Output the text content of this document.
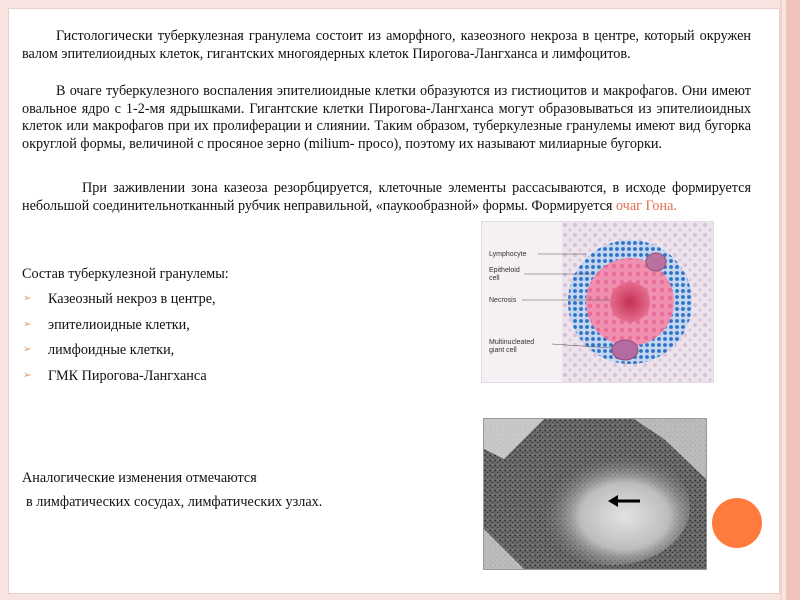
Гистологически туберкулезная гранулема состоит из аморфного, казеозного некроза в центре, который окружен валом эпителиоидных клеток, гигантских многоядерных клеток Пирогова-Лангханса и лимфоцитов.

В очаге туберкулезного воспаления эпителиоидные клетки образуются из гистиоцитов и макрофагов. Они имеют овальное ядро с 1-2-мя ядрышками. Гигантские клетки Пирогова-Лангханса могут образовываться из эпителиоидных клеток или макрофагов при их пролиферации и слиянии. Таким образом, туберкулезные гранулемы имеют вид бугорка округлой формы, величиной с просяное зерно (milium- просо), поэтому их называют милиарные бугорки.

При заживлении зона казеоза резорбцируется, клеточные элементы рассасываются, в исходе формируется небольшой соединительнотканный рубчик неправильной, «паукообразной» формы. Формируется очаг Гона.

Состав туберкулезной гранулемы:

➢ Казеозный некроз в центре,
➢ эпителиоидные клетки,
➢ лимфоидные клетки,
➢ ГМК Пирогова-Лангханса

Аналогические изменения отмечаются

в лимфатических сосудах, лимфатических узлах.

Lymphocyte
Epitheloid
cell
Necrosis
Multinucleated
giant cell
